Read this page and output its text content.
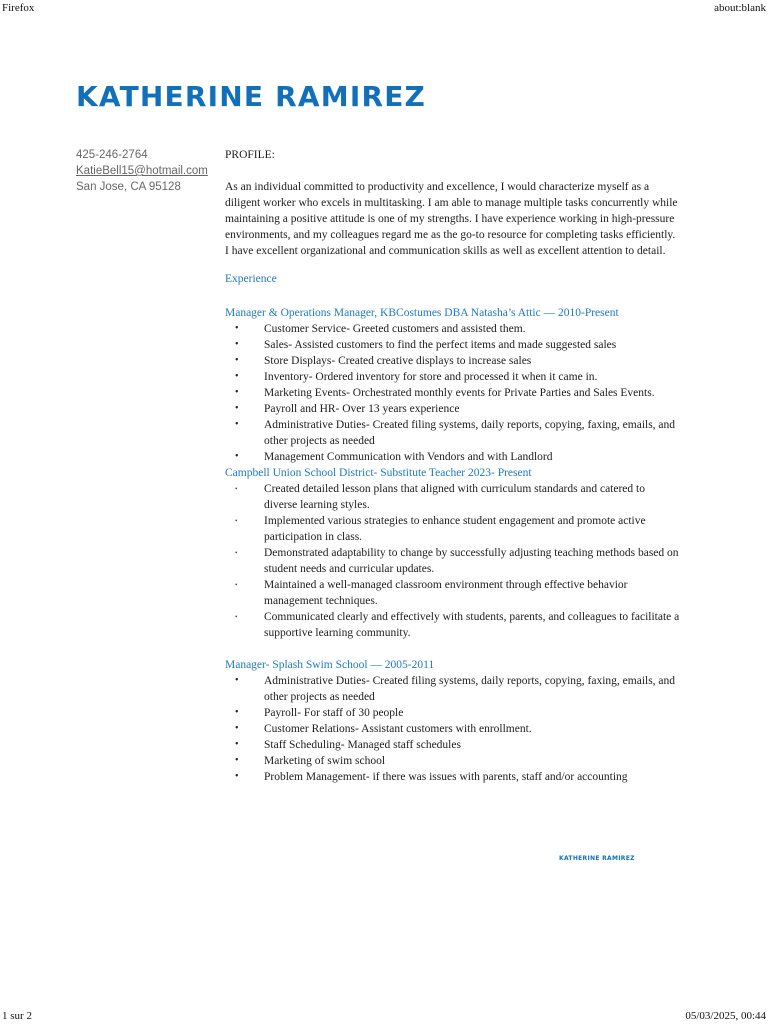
Firefox	about:blank
KATHERINE RAMIREZ
425-246-2764
KatieBell15@hotmail.com
San Jose, CA 95128

PROFILE:

As an individual committed to productivity and excellence, I would characterize myself as a diligent worker who excels in multitasking. I am able to manage multiple tasks concurrently while maintaining a positive attitude is one of my strengths. I have experience working in high-pressure environments, and my colleagues regard me as the go-to resource for completing tasks efficiently. I have excellent organizational and communication skills as well as excellent attention to detail.

Experience

Manager & Operations Manager, KBCostumes DBA Natasha’s Attic — 2010-Present

• Customer Service- Greeted customers and assisted them.
• Sales- Assisted customers to find the perfect items and made suggested sales
• Store Displays- Created creative displays to increase sales
• Inventory- Ordered inventory for store and processed it when it came in.
• Marketing Events- Orchestrated monthly events for Private Parties and Sales Events.
• Payroll and HR- Over 13 years experience
• Administrative Duties- Created filing systems, daily reports, copying, faxing, emails, and other projects as needed
• Management Communication with Vendors and with Landlord

Campbell Union School District- Substitute Teacher 2023- Present

• Created detailed lesson plans that aligned with curriculum standards and catered to diverse learning styles.
• Implemented various strategies to enhance student engagement and promote active participation in class.
• Demonstrated adaptability to change by successfully adjusting teaching methods based on student needs and curricular updates.
• Maintained a well-managed classroom environment through effective behavior management techniques.
• Communicated clearly and effectively with students, parents, and colleagues to facilitate a supportive learning community.

Manager- Splash Swim School — 2005-2011

• Administrative Duties- Created filing systems, daily reports, copying, faxing, emails, and other projects as needed
• Payroll- For staff of 30 people
• Customer Relations- Assistant customers with enrollment.
• Staff Scheduling- Managed staff schedules
• Marketing of swim school
• Problem Management- if there was issues with parents, staff and/or accounting
KATHERINE RAMIREZ
1 sur 2	05/03/2025, 00:44
